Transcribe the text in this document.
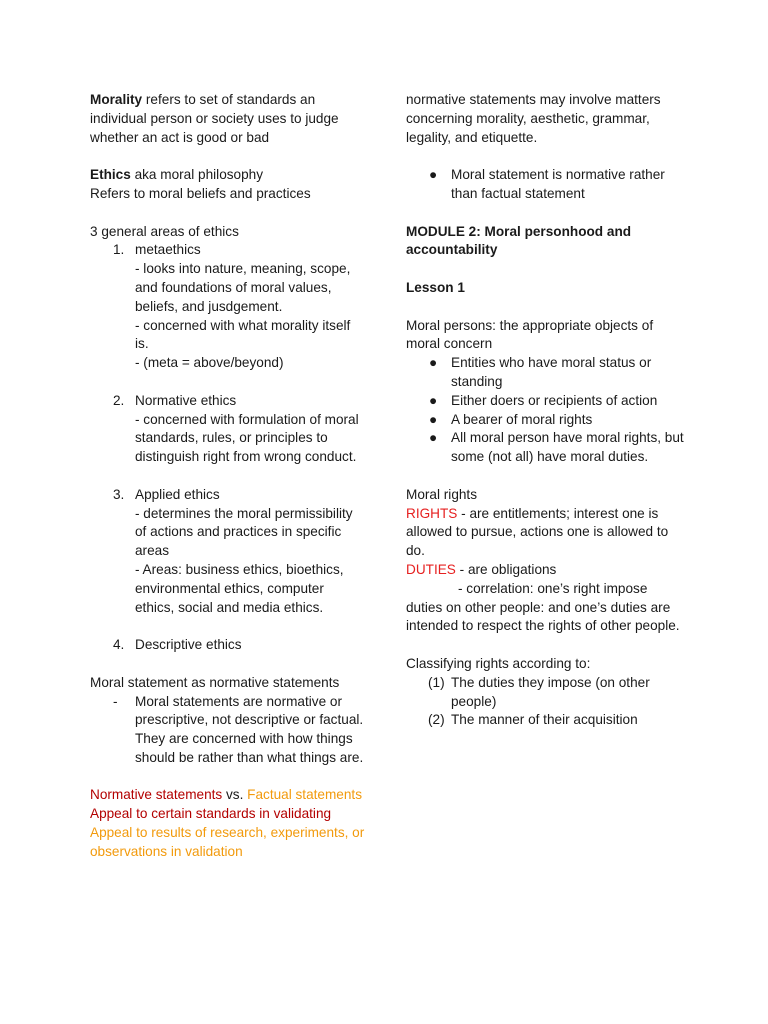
Morality refers to set of standards an individual person or society uses to judge whether an act is good or bad

Ethics aka moral philosophy

Refers to moral beliefs and practices

3 general areas of ethics

1. metaethics

- looks into nature, meaning, scope, and foundations of moral values, beliefs, and jusdgement.

- concerned with what morality itself is.

- (meta = above/beyond)

2. Normative ethics

- concerned with formulation of moral standards, rules, or principles to distinguish right from wrong conduct.

3. Applied ethics

- determines the moral permissibility of actions and practices in specific areas

- Areas: business ethics, bioethics, environmental ethics, computer ethics, social and media ethics.

4. Descriptive ethics

Moral statement as normative statements

-	Moral statements are normative or prescriptive, not descriptive or factual. They are concerned with how things should be rather than what things are.

Normative statements vs. Factual statements

Appeal to certain standards in validating

Appeal to results of research, experiments, or observations in validation

normative statements may involve matters concerning morality, aesthetic, grammar, legality, and etiquette.

●	Moral statement is normative rather than factual statement

MODULE 2: Moral personhood and accountability

Lesson 1

Moral persons: the appropriate objects of moral concern

●	Entities who have moral status or standing

●	Either doers or recipients of action

●	A bearer of moral rights

●	All moral person have moral rights, but some (not all) have moral duties.

Moral rights

RIGHTS - are entitlements; interest one is allowed to pursue, actions one is allowed to do.

DUTIES - are obligations

- correlation: one’s right impose

duties on other people: and one’s duties are intended to respect the rights of other people.

Classifying rights according to:

(1) The duties they impose (on other people)

(2) The manner of their acquisition
